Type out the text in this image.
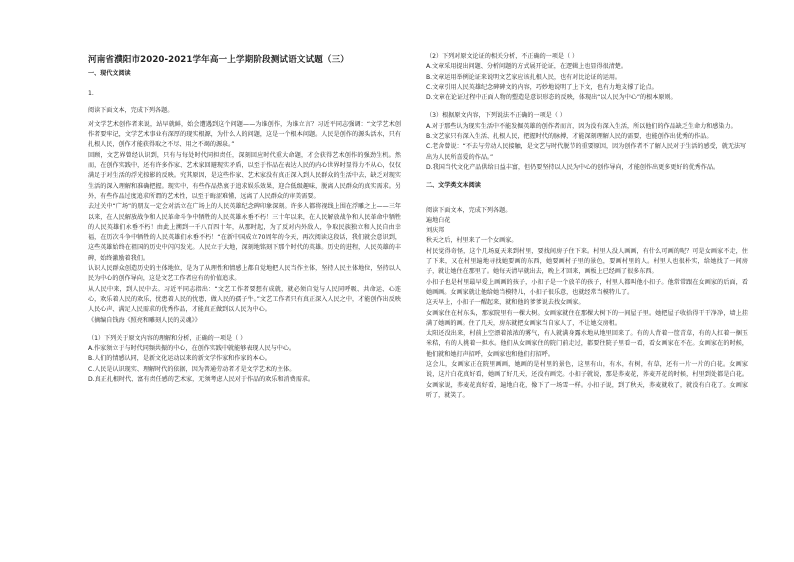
河南省濮阳市2020-2021学年高一上学期阶段测试语文试题（三）
一、现代文阅读
1.
阅读下面文本，完成下列各题。
对文学艺术创作者来说，站早就鲜，始会遭遇到这个问题——为谁创作，为谁立言？习近平同志强调：“文学艺术创作者要牢记，文学艺术事业有深厚的现实根源，为什么人的问题，这是一个根本问题。人民是创作的源头活水，只有扎根人民，创作才能获得取之不尽、用之不竭的源泉。”
回顾，文艺界曾经认识到，只有与每处时代同担责任，深刻回应时代重大命题，才会获得艺术创作的强劲生机。然而，在创作实践中，还有许多作家、艺术家回避现实矛盾，以至于作品在表达人民的内心世界时显得力不从心，仅仅满足于对生活的浮光掠影的反映。究其原因，是这些作家、艺术家没有真正深入到人民群众的生活中去，缺乏对现实生活的深入理解和准确把握。现实中，有些作品热衷于追求娱乐效果，迎合低级趣味，脱离人民群众的真实需求。另外，有些作品过度追求所谓的艺术性，以至于晦涩难懂，远离了人民群众的审美需要。
去过关中“广场”的朋友一定会对活立在广场上的人民英雄纪念碑印象深刻。许多人都将视线上围在浮雕之上——三年以来，在人民解放战争和人民革命斗争中牺牲的人民英雄永垂不朽！三十年以来，在人民解放战争和人民革命中牺牲的人民英雄们永垂不朽！由此上溯到一千八百四十年，从那时起，为了反对内外敌人，争取民族独立和人民自由幸福，在历次斗争中牺牲的人民英雄们永垂不朽！“在新中国成立70周年的今天，再次阅读这段话，我们就会意识到，这些英雄始终在祖国的历史中闪闪发光。人民立于大地，深刻地铭刻下那个时代的英雄。历史的进程，人民英雄的丰碑，始终激励着我们。
认识人民群众创造历史的主体地位，是为了从理性和情感上都自觉地把人民当作主体，坚持人民主体地位，坚持以人民为中心的创作导向，这是文艺工作者应有的价值追求。
从人民中来，到人民中去。习近平同志指出：“文艺工作者要想有成就，就必须自觉与人民同呼吸、共命运、心连心，欢乐着人民的欢乐，忧患着人民的忧患，做人民的孺子牛。”文艺工作者只有真正深入人民之中，才能创作出反映人民心声、满足人民需求的优秀作品，才能真正做到以人民为中心。
《摘编自钱海《照亮和雕刻人民的灵魂》》
（1）下列关于原文内容的理解和分析，正确的一项是（ ）
A.作家须立于与时代同频共振的中心，在创作实践中就能够表现人民与中心。
B.人们的情感认同，是新文化运动以来的新文学作家和作家的本心。
C.人民是认识现实、理解时代的依据，因为普通劳动者才是文学艺术的主体。
D.真正扎根时代、富有责任感的艺术家，无须考虑人民对于作品的欢乐和消费需求。
（2）下列对原文论证的相关分析，不正确的一项是（ ）
A.文章采用提出问题、分析问题的方式展开论证，在逻辑上也显得很清楚。
B.文章运用举例论证来说明文艺家应该扎根人民，也有对比论证的运用。
C.文章引用人民英雄纪念碑碑文的内容，巧妙地说明了上下文，也有力地支撑了论点。
D.文章在论证过程中正面人物的塑造是意识形态的反映，体现出“以人民为中心”的根本原则。
（3）根据原文内容，下列说法不正确的一项是（ ）
A.对于那些认为现实生活中不能发掘英雄的创作者而言，因为没有深入生活，所以他们的作品缺乏生命力和感染力。
B.文艺家只有深入生活、扎根人民，把握时代的脉搏，才能深刻理解人民的需要，也能创作出优秀的作品。
C.老舍曾说：“不去与劳动人民接触，是文艺与时代脱节的重要原因，因为创作者不了解人民对于生活的感受，就无法写出为人民所喜爱的作品。”
D.我国当代文化产品供给日益丰富，但仍要坚持以人民为中心的创作导向，才能创作出更多更好的优秀作品。
二、文学类文本阅读
阅读下面文本，完成下列各题。
遍地白花
刘庆邦
秋天之后，村里来了一个女画家。
村民觉得奇怪，这个几场夏天来到村里，要找间房子住下来。村里人没人画画，有什么可画的呢？可是女画家不走，住了下来，又在村里遍地寻找她要画的东西，她要画村子里的景色，要画村里的人。村里人也很朴实，给她找了一间房子，就让她住在那里了。她每天清早就出去，晚上才回来，画板上已经画了很多东西。
小扣子也是村里最早爱上画画的孩子，小扣子是一个放羊的孩子，村里人都叫他小扣子。他常常跟在女画家的后面，看她画画。女画家就让他给她当模特儿，小扣子很乐意，也就经常当模特儿了。
这天早上，小扣子一醒起来，就和他的爹爹说去找女画家。
女画家住在村东头，那家院里有一棵大树。女画家就住在那棵大树下的一间屋子里。她把屋子收拾得干干净净，墙上挂满了她画的画。住了几天，房东就把女画家当自家人了，不让她交房租。
太阳还没出来，村前上空漂着浓浓的雾气，有人就满身露水地从地里回来了。有的人背着一筐青草，有的人扛着一捆玉米秸，有的人挑着一担水。他们从女画家住的院门前走过，都要往院子里看一看，看女画家在不在。女画家在的时候，他们就和她打声招呼，女画家也和他们打招呼。
这会儿，女画家正在院里画画，她画的是村里的景色，这里有山，有水，有树，有草，还有一片一片的白花。女画家说，这片白花真好看，她画了好几天，还没有画完。小扣子就说，那是荞麦花，荞麦开花的时候，村里到处都是白花。女画家说，荞麦花真好看，遍地白花，像下了一场雪一样。小扣子说，到了秋天，荞麦就收了，就没有白花了。女画家听了，就笑了。
